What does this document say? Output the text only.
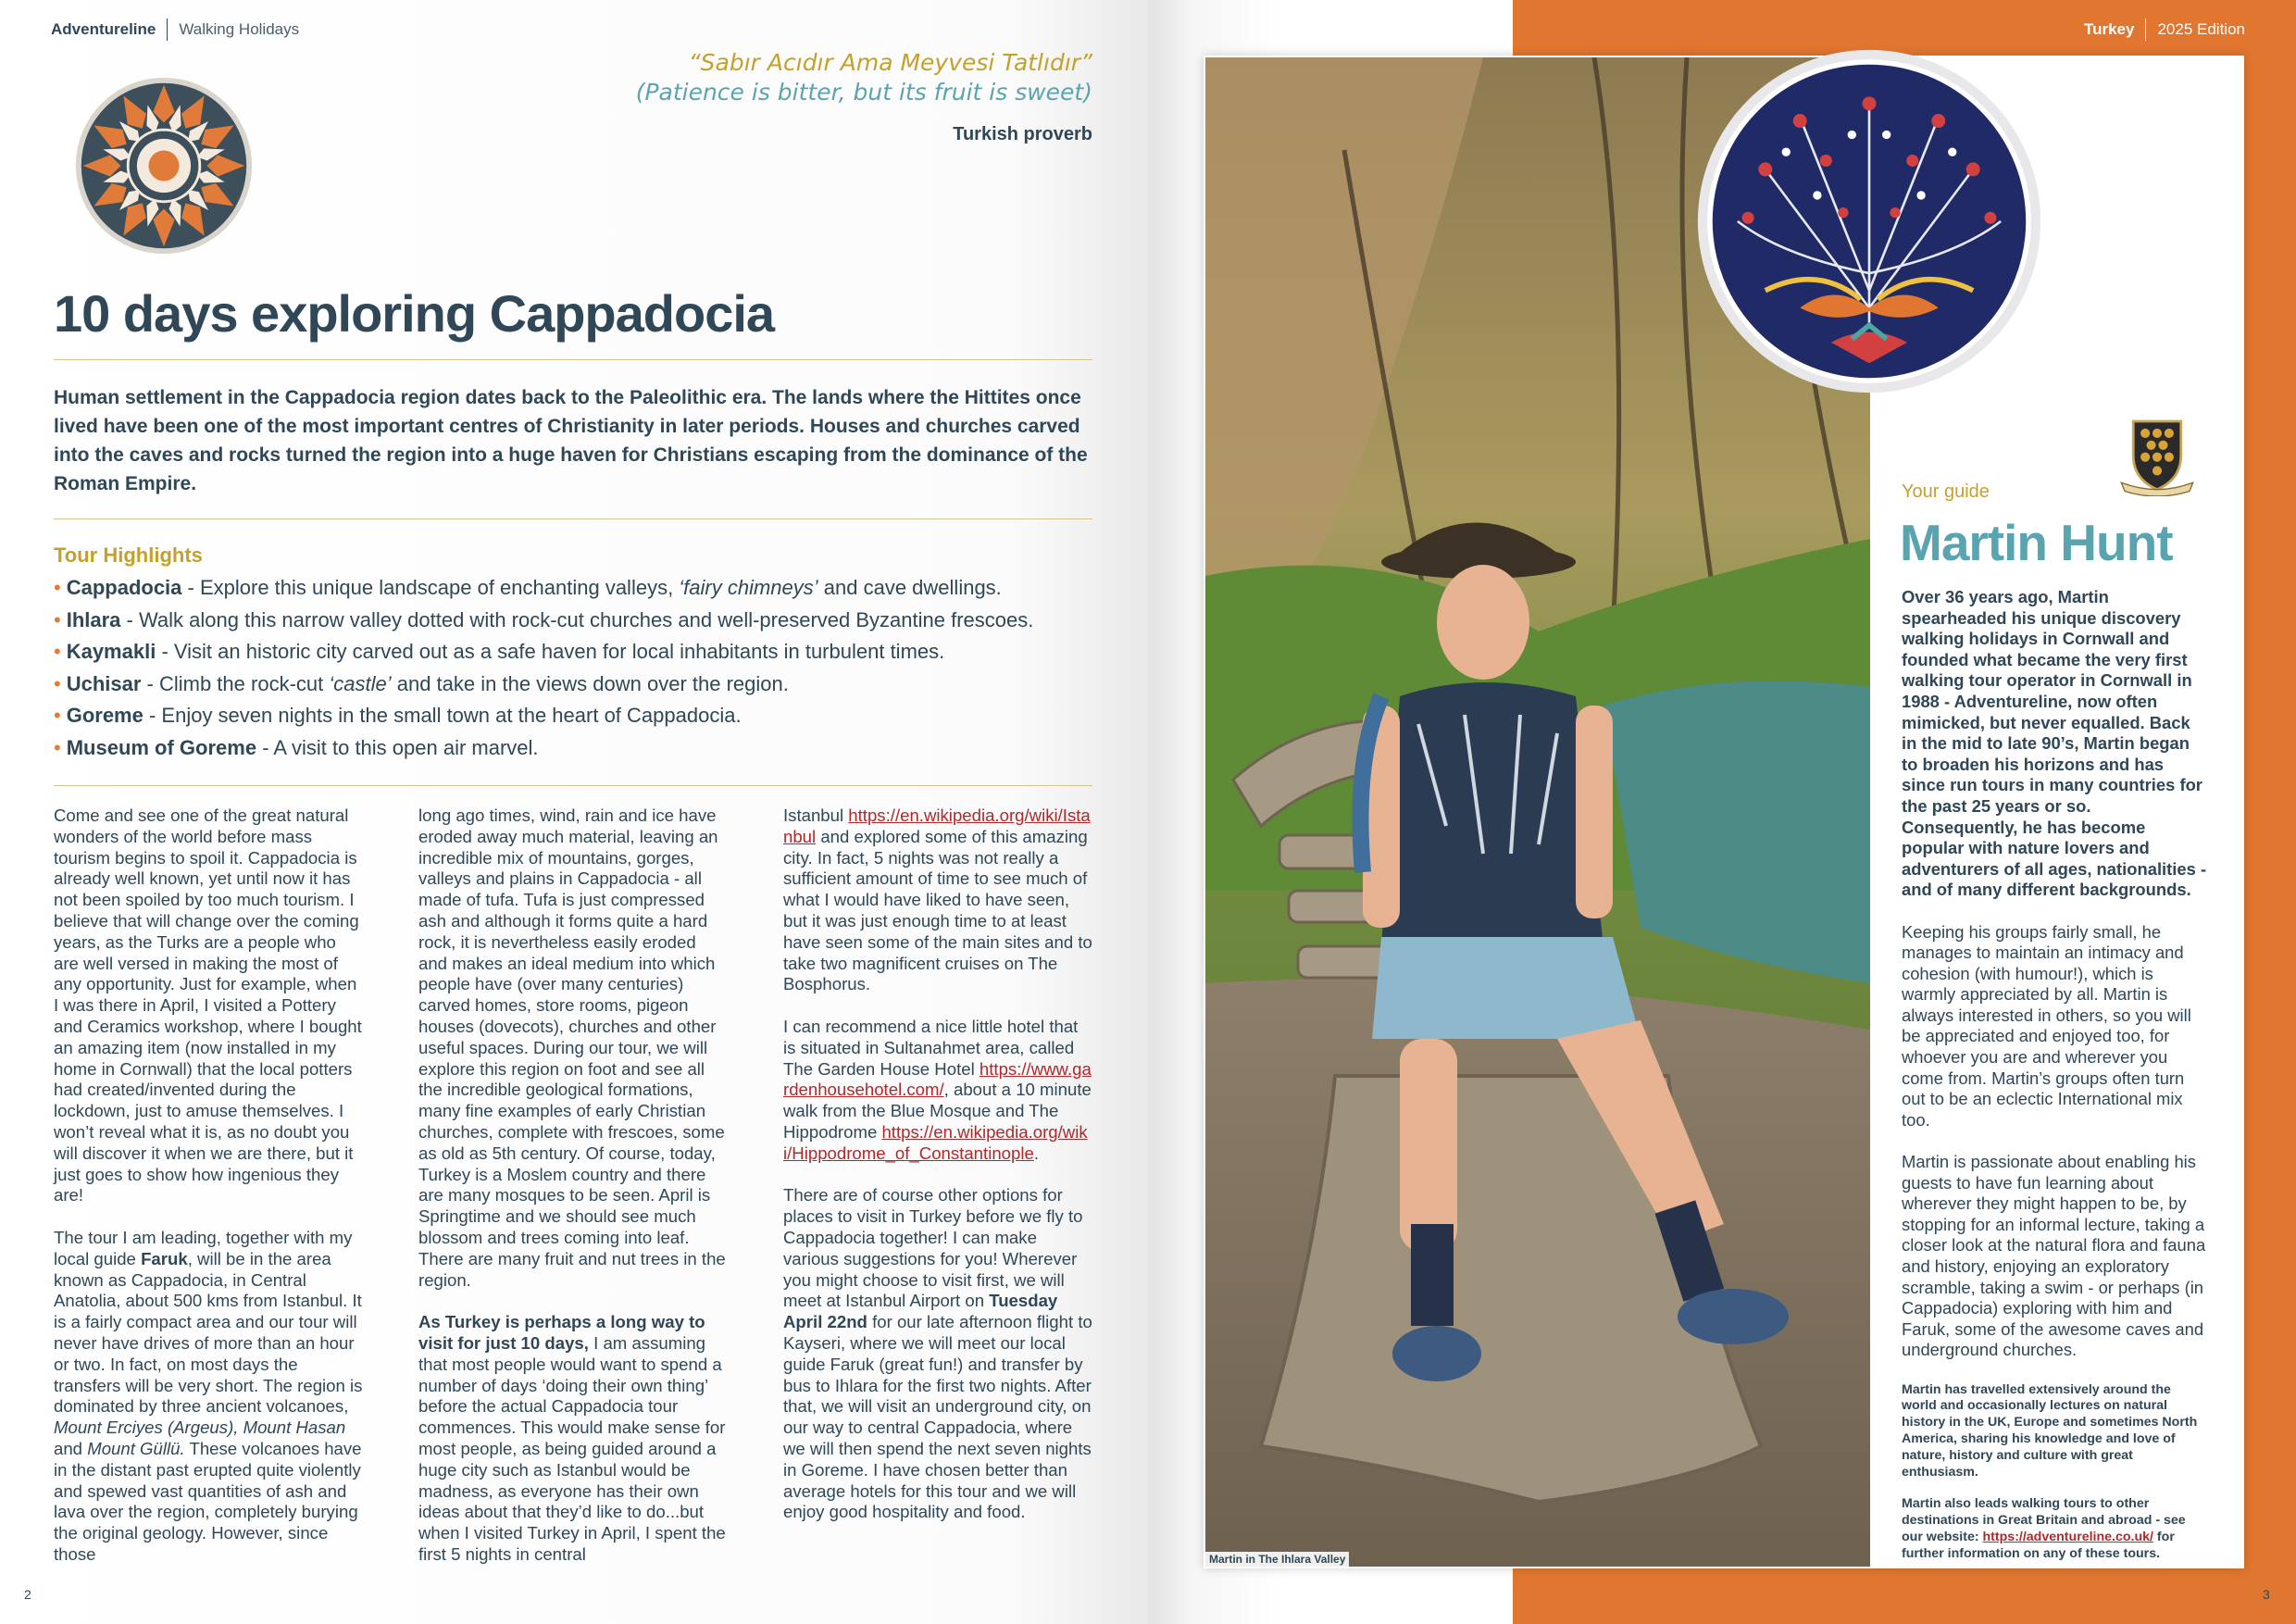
Adventureline Walking Holidays
“Sabır Acıdır Ama Meyvesi Tatlıdır”
(Patience is bitter, but its fruit is sweet)
Turkish proverb
10 days exploring Cappadocia

Human settlement in the Cappadocia region dates back to the Paleolithic era. The lands where the Hittites once lived have been one of the most important centres of Christianity in later periods. Houses and churches carved into the caves and rocks turned the region into a huge haven for Christians escaping from the dominance of the Roman Empire.

Tour Highlights
• Cappadocia - Explore this unique landscape of enchanting valleys, ‘fairy chimneys’ and cave dwellings.
• Ihlara - Walk along this narrow valley dotted with rock-cut churches and well-preserved Byzantine frescoes.
• Kaymakli - Visit an historic city carved out as a safe haven for local inhabitants in turbulent times.
• Uchisar - Climb the rock-cut ‘castle’ and take in the views down over the region.
• Goreme - Enjoy seven nights in the small town at the heart of Cappadocia.
• Museum of Goreme - A visit to this open air marvel.

Come and see one of the great natural wonders of the world before mass tourism begins to spoil it. Cappadocia is already well known, yet until now it has not been spoiled by too much tourism. I believe that will change over the coming years, as the Turks are a people who are well versed in making the most of any opportunity. Just for example, when I was there in April, I visited a Pottery and Ceramics workshop, where I bought an amazing item (now installed in my home in Cornwall) that the local potters had created/invented during the lockdown, just to amuse themselves. I won’t reveal what it is, as no doubt you will discover it when we are there, but it just goes to show how ingenious they are!

The tour I am leading, together with my local guide Faruk, will be in the area known as Cappadocia, in Central Anatolia, about 500 kms from Istanbul. It is a fairly compact area and our tour will never have drives of more than an hour or two. In fact, on most days the transfers will be very short. The region is dominated by three ancient volcanoes, Mount Erciyes (Argeus), Mount Hasan and Mount Güllü. These volcanoes have in the distant past erupted quite violently and spewed vast quantities of ash and lava over the region, completely burying the original geology. However, since those

long ago times, wind, rain and ice have eroded away much material, leaving an incredible mix of mountains, gorges, valleys and plains in Cappadocia - all made of tufa. Tufa is just compressed ash and although it forms quite a hard rock, it is nevertheless easily eroded and makes an ideal medium into which people have (over many centuries) carved homes, store rooms, pigeon houses (dovecots), churches and other useful spaces. During our tour, we will explore this region on foot and see all the incredible geological formations, many fine examples of early Christian churches, complete with frescoes, some as old as 5th century. Of course, today, Turkey is a Moslem country and there are many mosques to be seen. April is Springtime and we should see much blossom and trees coming into leaf. There are many fruit and nut trees in the region.

As Turkey is perhaps a long way to visit for just 10 days, I am assuming that most people would want to spend a number of days ‘doing their own thing’ before the actual Cappadocia tour commences. This would make sense for most people, as being guided around a huge city such as Istanbul would be madness, as everyone has their own ideas about that they’d like to do...but when I visited Turkey in April, I spent the first 5 nights in central

Istanbul https://en.wikipedia.org/wiki/Istanbul and explored some of this amazing city. In fact, 5 nights was not really a sufficient amount of time to see much of what I would have liked to have seen, but it was just enough time to at least have seen some of the main sites and to take two magnificent cruises on The Bosphorus.

I can recommend a nice little hotel that is situated in Sultanahmet area, called The Garden House Hotel https://www.gardenhousehotel.com/, about a 10 minute walk from the Blue Mosque and The Hippodrome https://en.wikipedia.org/wiki/Hippodrome_of_Constantinople.

There are of course other options for places to visit in Turkey before we fly to Cappadocia together! I can make various suggestions for you! Wherever you might choose to visit first, we will meet at Istanbul Airport on Tuesday April 22nd for our late afternoon flight to Kayseri, where we will meet our local guide Faruk (great fun!) and transfer by bus to Ihlara for the first two nights. After that, we will visit an underground city, on our way to central Cappadocia, where we will then spend the next seven nights in Goreme. I have chosen better than average hotels for this tour and we will enjoy good hospitality and food.

2
Turkey 2025 Edition
Martin in The Ihlara Valley
Your guide
Martin Hunt

Over 36 years ago, Martin spearheaded his unique discovery walking holidays in Cornwall and founded what became the very first walking tour operator in Cornwall in 1988 - Adventureline, now often mimicked, but never equalled. Back in the mid to late 90’s, Martin began to broaden his horizons and has since run tours in many countries for the past 25 years or so. Consequently, he has become popular with nature lovers and adventurers of all ages, nationalities - and of many different backgrounds.

Keeping his groups fairly small, he manages to maintain an intimacy and cohesion (with humour!), which is warmly appreciated by all. Martin is always interested in others, so you will be appreciated and enjoyed too, for whoever you are and wherever you come from. Martin’s groups often turn out to be an eclectic International mix too.

Martin is passionate about enabling his guests to have fun learning about wherever they might happen to be, by stopping for an informal lecture, taking a closer look at the natural flora and fauna and history, enjoying an exploratory scramble, taking a swim - or perhaps (in Cappadocia) exploring with him and Faruk, some of the awesome caves and underground churches.

Martin has travelled extensively around the world and occasionally lectures on natural history in the UK, Europe and sometimes North America, sharing his knowledge and love of nature, history and culture with great enthusiasm.

Martin also leads walking tours to other destinations in Great Britain and abroad - see our website: https://adventureline.co.uk/ for further information on any of these tours.

3
